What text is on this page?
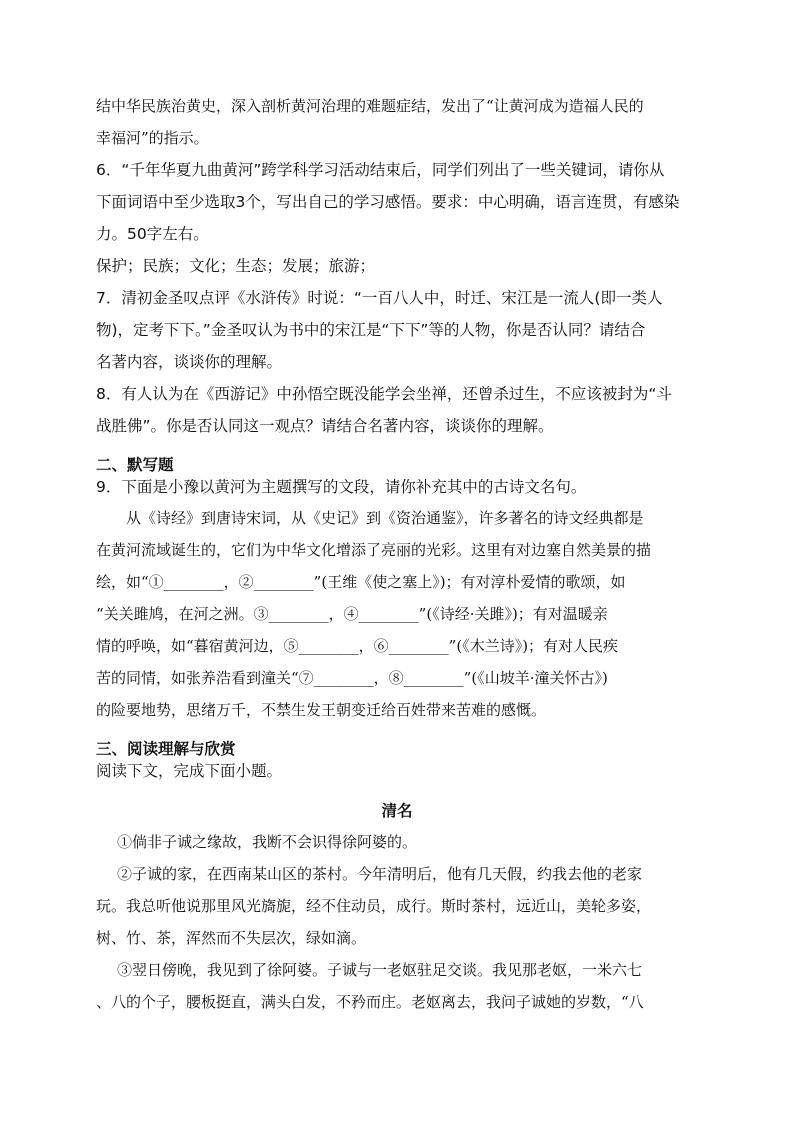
结中华民族治黄史，深入剖析黄河治理的难题症结，发出了“让黄河成为造福人民的
幸福河”的指示。
6．“千年华夏九曲黄河”跨学科学习活动结束后，同学们列出了一些关键词，请你从
下面词语中至少选取3个，写出自己的学习感悟。要求：中心明确，语言连贯，有感染
力。50字左右。
保护；民族；文化；生态；发展；旅游；
7．清初金圣叹点评《水浒传》时说：“一百八人中，时迁、宋江是一流人(即一类人
物)，定考下下。”金圣叹认为书中的宋江是“下下”等的人物，你是否认同？请结合
名著内容，谈谈你的理解。
8．有人认为在《西游记》中孙悟空既没能学会坐禅，还曾杀过生，不应该被封为“斗
战胜佛”。你是否认同这一观点？请结合名著内容，谈谈你的理解。
二、默写题
9．下面是小豫以黄河为主题撰写的文段，请你补充其中的古诗文名句。
从《诗经》到唐诗宋词，从《史记》到《资治通鉴》，许多著名的诗文经典都是
在黄河流域诞生的，它们为中华文化增添了亮丽的光彩。这里有对边塞自然美景的描
绘，如“①________，②________”(王维《使之塞上》)；有对淳朴爱情的歌颂，如
“关关雎鸠，在河之洲。③________，④________”(《诗经·关雎》)；有对温暖亲
情的呼唤，如“暮宿黄河边，⑤________，⑥________”(《木兰诗》)；有对人民疾
苦的同情，如张养浩看到潼关“⑦________，⑧________”(《山坡羊·潼关怀古》)
的险要地势，思绪万千，不禁生发王朝变迁给百姓带来苦难的感慨。
三、阅读理解与欣赏
阅读下文，完成下面小题。
清名
①倘非子诚之缘故，我断不会识得徐阿婆的。
②子诚的家，在西南某山区的茶村。今年清明后，他有几天假，约我去他的老家
玩。我总听他说那里风光旖旎，经不住动员，成行。斯时茶村，远近山，美轮多姿，
树、竹、茶，浑然而不失层次，绿如滴。
③翌日傍晚，我见到了徐阿婆。子诚与一老妪驻足交谈。我见那老妪，一米六七
、八的个子，腰板挺直，满头白发，不矜而庄。老妪离去，我问子诚她的岁数，“八
